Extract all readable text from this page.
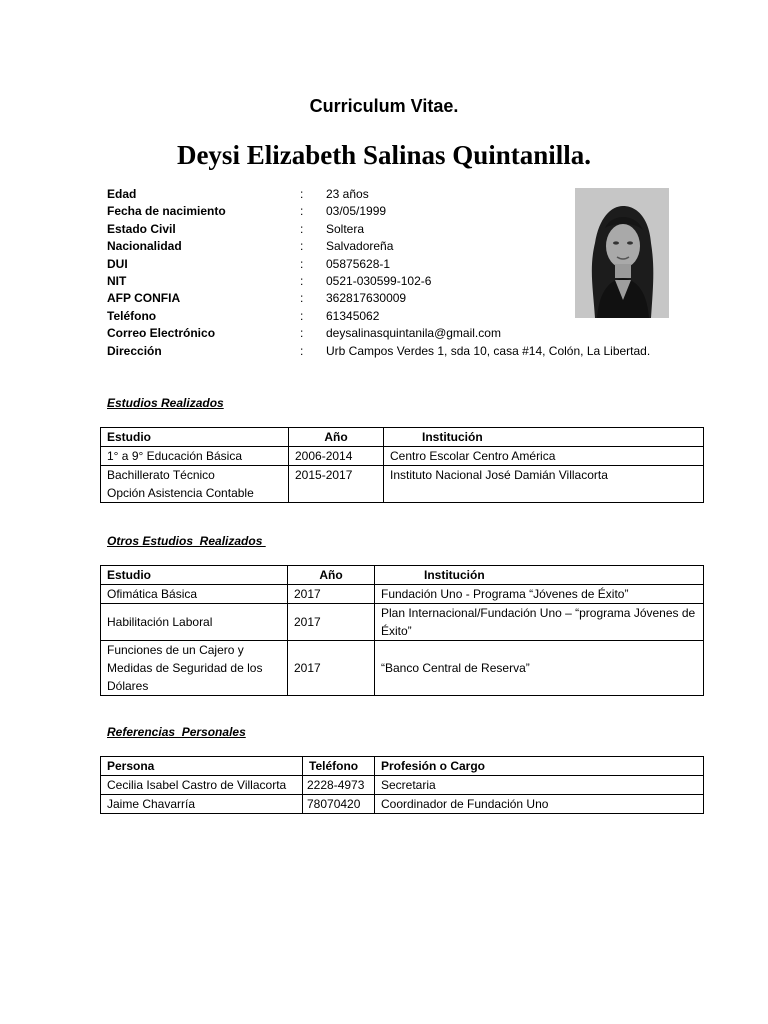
Curriculum Vitae.
Deysi Elizabeth Salinas Quintanilla.
Edad	: 23 años
Fecha de nacimiento	: 03/05/1999
Estado Civil	: Soltera
Nacionalidad	: Salvadoreña
DUI	: 05875628-1
NIT	: 0521-030599-102-6
AFP CONFIA	: 362817630009
Teléfono	: 61345062
Correo Electrónico	: deysalinasquintanila@gmail.com
Dirección	: Urb Campos Verdes 1, sda 10, casa #14, Colón, La Libertad.
Estudios Realizados
Estudio	Año	Institución
1° a 9° Educación Básica	2006-2014	Centro Escolar Centro América
Bachillerato Técnico
Opción Asistencia Contable	2015-2017	Instituto Nacional José Damián Villacorta
Otros Estudios  Realizados
Estudio	Año	Institución
Ofimática Básica	2017	Fundación Uno - Programa “Jóvenes de Éxito”
Habilitación Laboral	2017	Plan Internacional/Fundación Uno – “programa Jóvenes de Éxito”
Funciones de un Cajero y Medidas de Seguridad de los Dólares	2017	“Banco Central de Reserva”
Referencias  Personales
Persona	Teléfono	Profesión o Cargo
Cecilia Isabel Castro de Villacorta	2228-4973	Secretaria
Jaime Chavarría	78070420	Coordinador de Fundación Uno
